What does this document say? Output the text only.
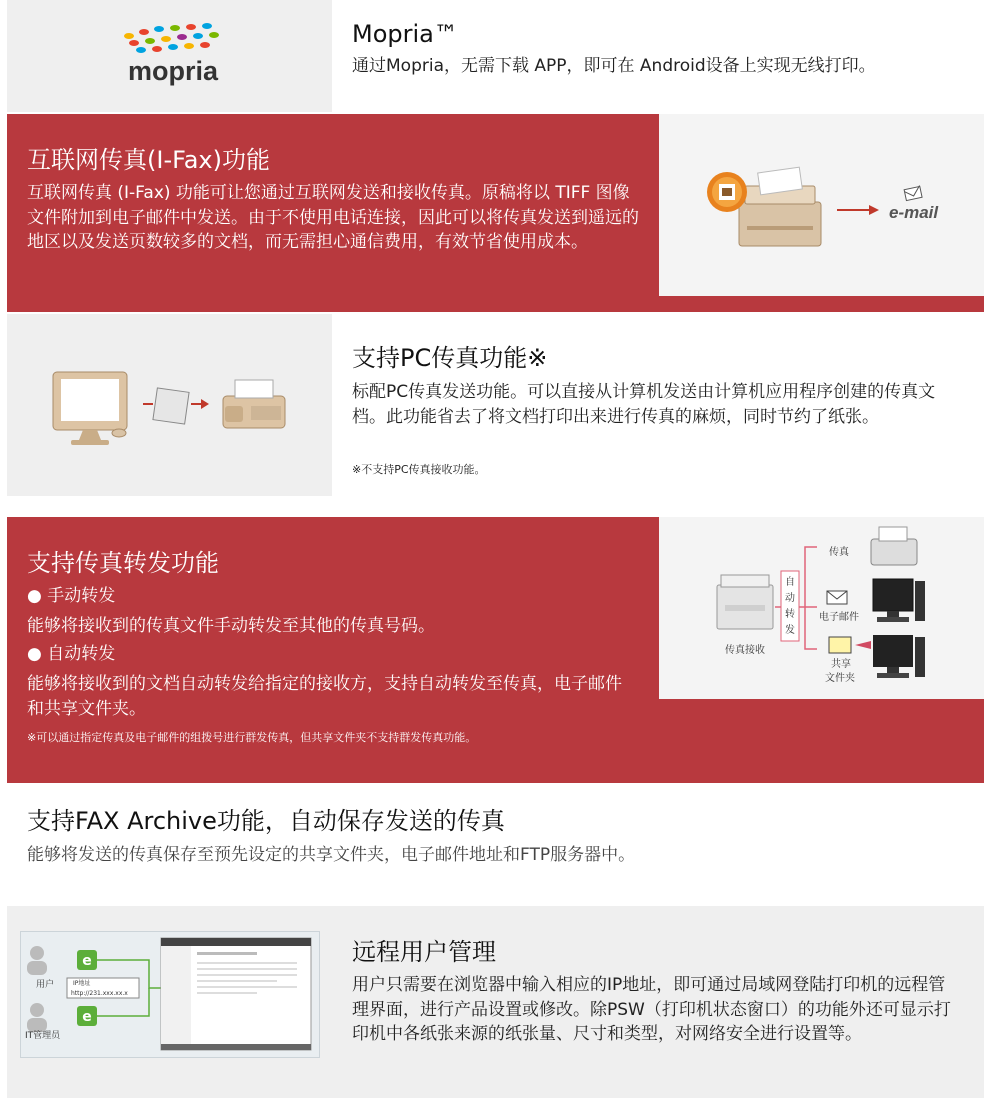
mopria
Mopria™
通过Mopria，无需下载 APP，即可在 Android设备上实现无线打印。
互联网传真(I-Fax)功能
互联网传真 (I-Fax) 功能可让您通过互联网发送和接收传真。原稿将以 TIFF 图像文件附加到电子邮件中发送。由于不使用电话连接，因此可以将传真发送到遥远的地区以及发送页数较多的文档，而无需担心通信费用，有效节省使用成本。
e-mail
支持PC传真功能※
标配PC传真发送功能。可以直接从计算机发送由计算机应用程序创建的传真文档。此功能省去了将文档打印出来进行传真的麻烦，同时节约了纸张。
※不支持PC传真接收功能。
支持传真转发功能
● 手动转发
能够将接收到的传真文件手动转发至其他的传真号码。
● 自动转发
能够将接收到的文档自动转发给指定的接收方，支持自动转发至传真，电子邮件和共享文件夹。
※可以通过指定传真及电子邮件的组拨号进行群发传真，但共享文件夹不支持群发传真功能。
传真接收
自
动
转
发
传真
电子邮件
共享
文件夹
支持FAX Archive功能，自动保存发送的传真
能够将发送的传真保存至预先设定的共享文件夹，电子邮件地址和FTP服务器中。
用户
IT管理员
e
e
IP地址
http://231.xxx.xx.x
远程用户管理
用户只需要在浏览器中输入相应的IP地址，即可通过局域网登陆打印机的远程管理界面，进行产品设置或修改。除PSW（打印机状态窗口）的功能外还可显示打印机中各纸张来源的纸张量、尺寸和类型，对网络安全进行设置等。
